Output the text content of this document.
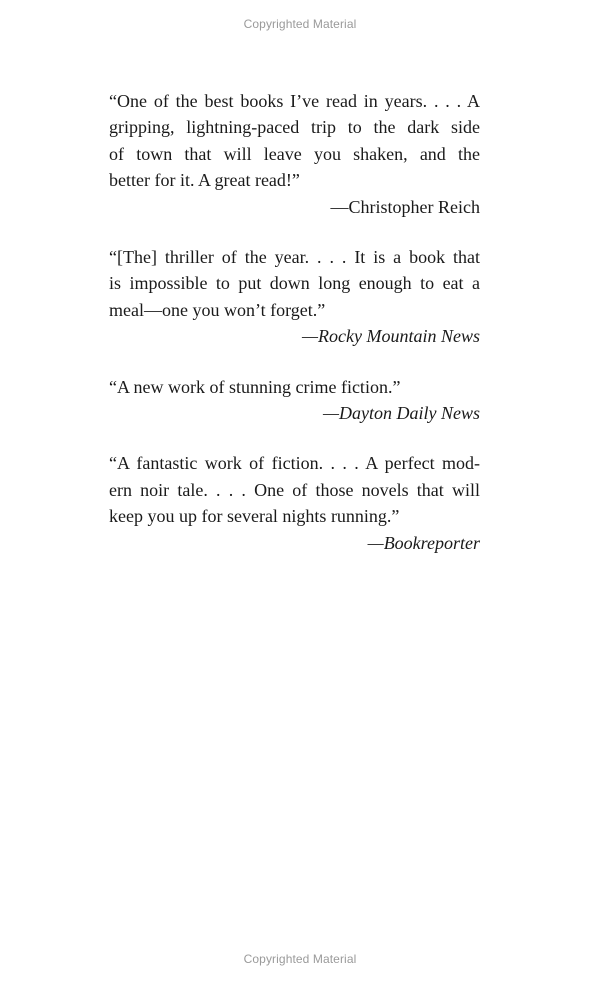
Copyrighted Material

“One of the best books I’ve read in years. . . . A
gripping, lightning-paced trip to the dark side
of town that will leave you shaken, and the
better for it. A great read!”

—Christopher Reich

“[The] thriller of the year. . . . It is a book that
is impossible to put down long enough to eat a
meal—one you won’t forget.”

—Rocky Mountain News

“A new work of stunning crime fiction.”

—Dayton Daily News

“A fantastic work of fiction. . . . A perfect mod-
ern noir tale. . . . One of those novels that will
keep you up for several nights running.”

—Bookreporter

Copyrighted Material
